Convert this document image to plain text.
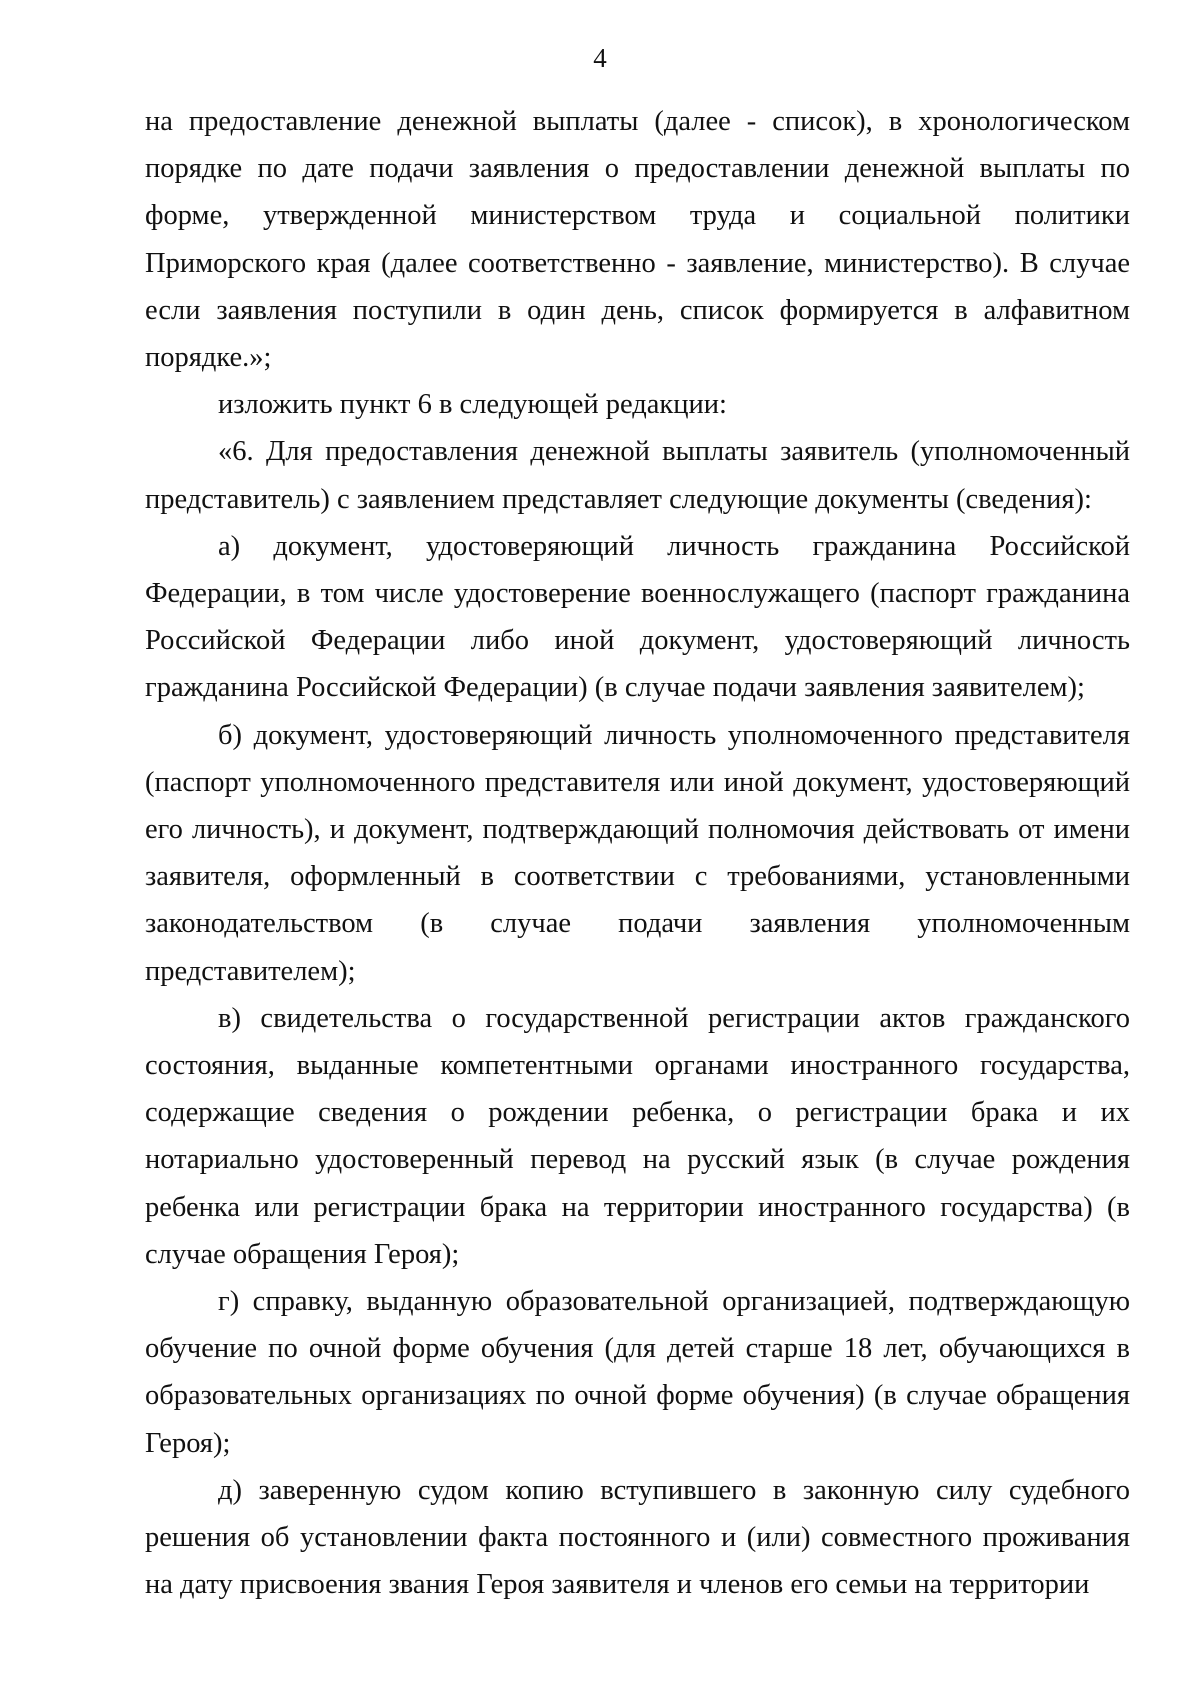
4

на предоставление денежной выплаты (далее - список), в хронологическом порядке по дате подачи заявления о предоставлении денежной выплаты по форме, утвержденной министерством труда и социальной политики Приморского края (далее соответственно - заявление, министерство). В случае если заявления поступили в один день, список формируется в алфавитном порядке.»;

изложить пункт 6 в следующей редакции:

«6. Для предоставления денежной выплаты заявитель (уполномоченный представитель) с заявлением представляет следующие документы (сведения):

а) документ, удостоверяющий личность гражданина Российской Федерации, в том числе удостоверение военнослужащего (паспорт гражданина Российской Федерации либо иной документ, удостоверяющий личность гражданина Российской Федерации) (в случае подачи заявления заявителем);

б) документ, удостоверяющий личность уполномоченного представителя (паспорт уполномоченного представителя или иной документ, удостоверяющий его личность), и документ, подтверждающий полномочия действовать от имени заявителя, оформленный в соответствии с требованиями, установленными законодательством (в случае подачи заявления уполномоченным представителем);

в) свидетельства о государственной регистрации актов гражданского состояния, выданные компетентными органами иностранного государства, содержащие сведения о рождении ребенка, о регистрации брака и их нотариально удостоверенный перевод на русский язык (в случае рождения ребенка или регистрации брака на территории иностранного государства) (в случае обращения Героя);

г) справку, выданную образовательной организацией, подтверждающую обучение по очной форме обучения (для детей старше 18 лет, обучающихся в образовательных организациях по очной форме обучения) (в случае обращения Героя);

д) заверенную судом копию вступившего в законную силу судебного решения об установлении факта постоянного и (или) совместного проживания на дату присвоения звания Героя заявителя и членов его семьи на территории
